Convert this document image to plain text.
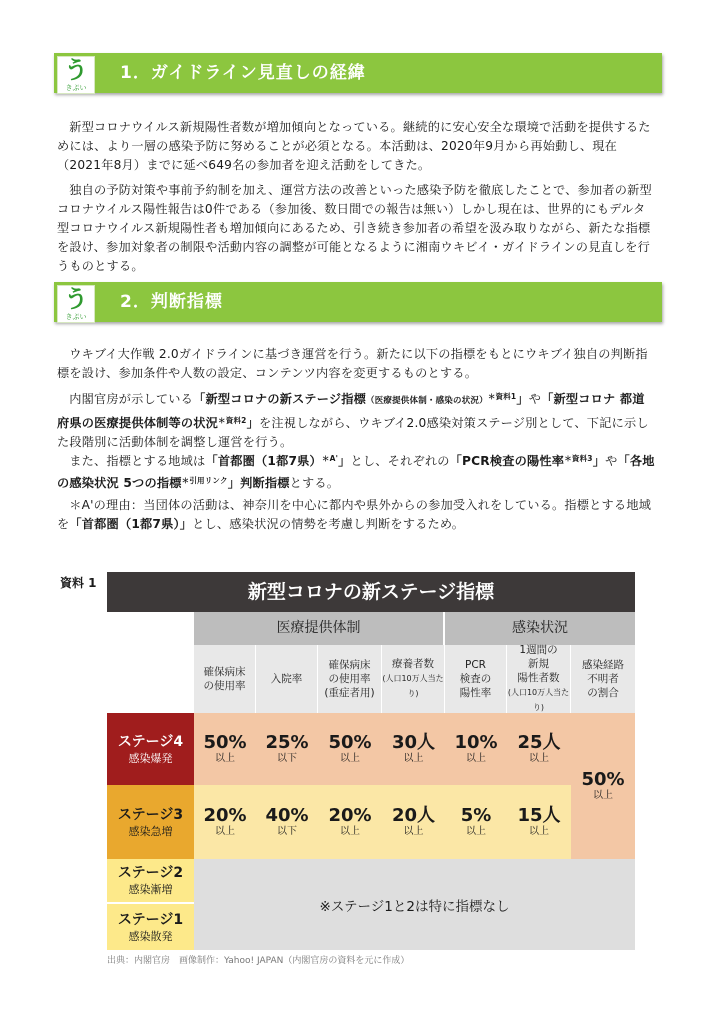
う
きぷい
1．ガイドライン見直しの経緯

新型コロナウイルス新規陽性者数が増加傾向となっている。継続的に安心安全な環境で活動を提供するためには、より一層の感染予防に努めることが必須となる。本活動は、2020年9月から再始動し、現在（2021年8月）までに延べ649名の参加者を迎え活動をしてきた。

独自の予防対策や事前予約制を加え、運営方法の改善といった感染予防を徹底したことで、参加者の新型コロナウイルス陽性報告は0件である（参加後、数日間での報告は無い）しかし現在は、世界的にもデルタ型コロナウイルス新規陽性者も増加傾向にあるため、引き続き参加者の希望を汲み取りながら、新たな指標を設け、参加対象者の制限や活動内容の調整が可能となるように湘南ウキビイ・ガイドラインの見直しを行うものとする。

う
きぷい
2．判断指標

ウキブイ大作戦 2.0ガイドラインに基づき運営を行う。新たに以下の指標をもとにウキブイ独自の判断指標を設け、参加条件や人数の設定、コンテンツ内容を変更するものとする。

内閣官房が示している「新型コロナの新ステージ指標（医療提供体制・感染の状況）$^{*資料1}$」や「新型コロナ 都道府県の医療提供体制等の状況$^{*資料2}$」を注視しながら、ウキブイ2.0感染対策ステージ別として、下記に示した段階別に活動体制を調整し運営を行う。

また、指標とする地域は「首都圏（1都7県）$^{*A'}$」とし、それぞれの「PCR検査の陽性率$^{*資料3}$」や「各地の感染状況 5つの指標$^{*引用リンク}$」判断指標とする。

＊A'の理由：当団体の活動は、神奈川を中心に都内や県外からの参加受入れをしている。指標とする地域を「首都圏（1都7県）」とし、感染状況の情勢を考慮し判断をするため。

資料 1	新型コロナの新ステージ指標
医療提供体制	感染状況
確保病床
の使用率
入院率
確保病床
の使用率
(重症者用)
療養者数
(人口10万人当たり)
PCR
検査の
陽性率
1週間の
新規
陽性者数
(人口10万人当たり)
感染経路
不明者
の割合
ステージ4
感染爆発
50%
以上
25%
以下
50%
以上
30人
以上
10%
以上
25人
以上
50%
以上
ステージ3
感染急増
20%
以上
40%
以下
20%
以上
20人
以上
5%
以上
15人
以上
ステージ2
感染漸増
ステージ1
感染散発
※ステージ1と2は特に指標なし
出典：内閣官房　画像制作：Yahoo! JAPAN（内閣官房の資料を元に作成）
